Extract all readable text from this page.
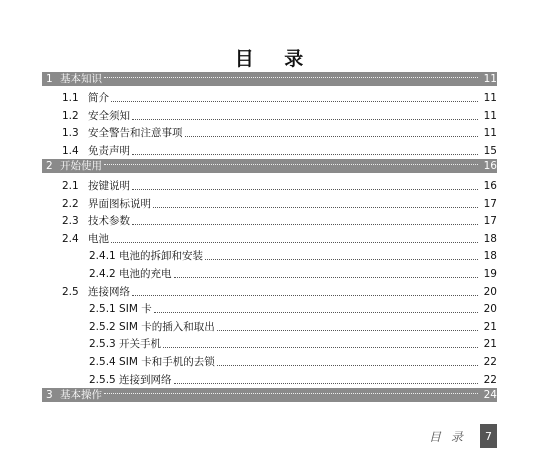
目 录
1 基本知识	11
1.1 简介	11
1.2 安全须知	11
1.3 安全警告和注意事项	11
1.4 免责声明	15
2 开始使用	16
2.1 按键说明	16
2.2 界面图标说明	17
2.3 技术参数	17
2.4 电池	18
2.4.1 电池的拆卸和安装	18
2.4.2 电池的充电	19
2.5 连接网络	20
2.5.1 SIM 卡	20
2.5.2 SIM 卡的插入和取出	21
2.5.3 开关手机	21
2.5.4 SIM 卡和手机的去锁	22
2.5.5 连接到网络	22
3 基本操作	24
目 录	7
